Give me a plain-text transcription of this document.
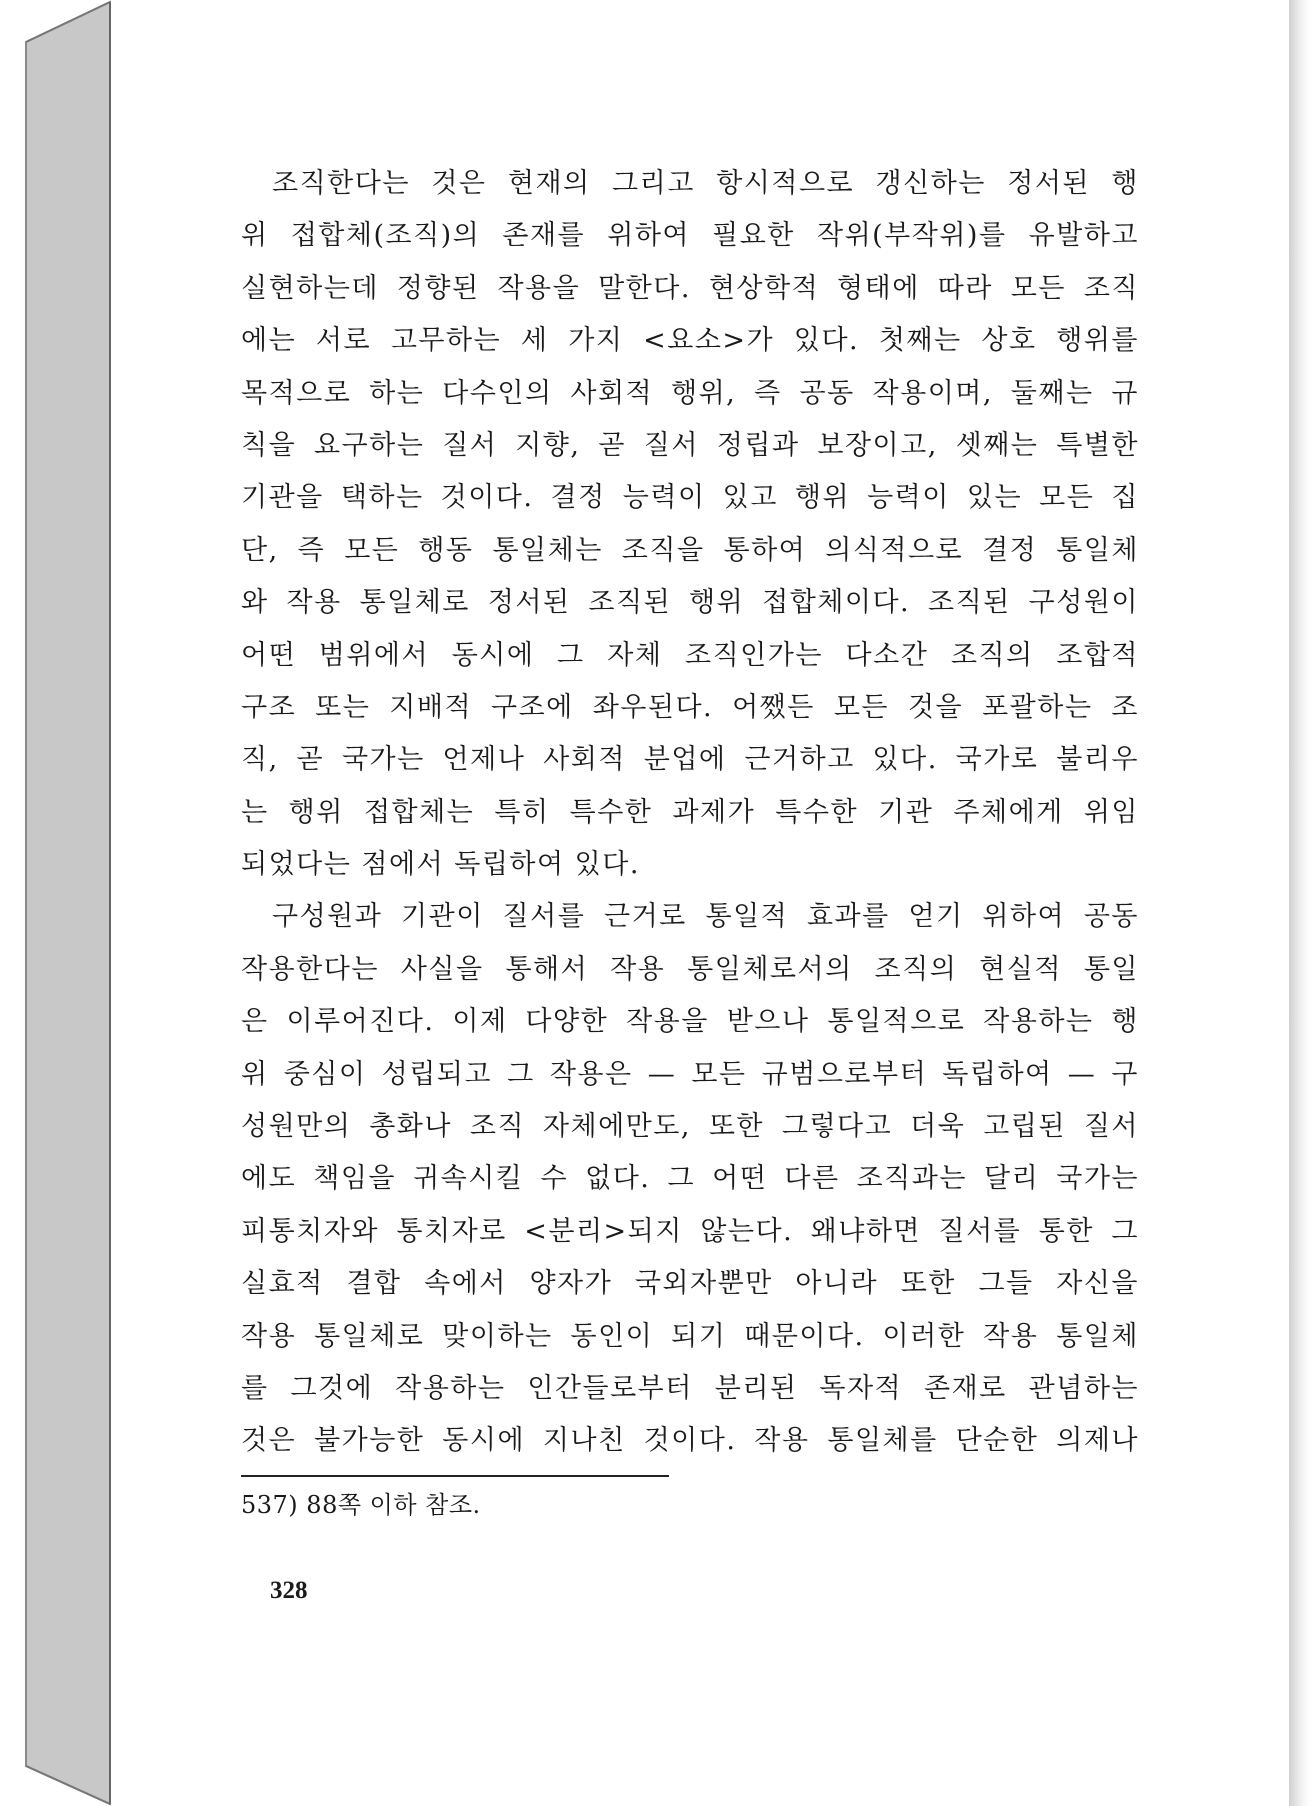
조직한다는 것은 현재의 그리고 항시적으로 갱신하는 정서된 행
위 접합체(조직)의 존재를 위하여 필요한 작위(부작위)를 유발하고
실현하는데 정향된 작용을 말한다. 현상학적 형태에 따라 모든 조직
에는 서로 고무하는 세 가지 <요소>가 있다. 첫째는 상호 행위를
목적으로 하는 다수인의 사회적 행위, 즉 공동 작용이며, 둘째는 규
칙을 요구하는 질서 지향, 곧 질서 정립과 보장이고, 셋째는 특별한
기관을 택하는 것이다. 결정 능력이 있고 행위 능력이 있는 모든 집
단, 즉 모든 행동 통일체는 조직을 통하여 의식적으로 결정 통일체
와 작용 통일체로 정서된 조직된 행위 접합체이다. 조직된 구성원이
어떤 범위에서 동시에 그 자체 조직인가는 다소간 조직의 조합적
구조 또는 지배적 구조에 좌우된다. 어쨌든 모든 것을 포괄하는 조
직, 곧 국가는 언제나 사회적 분업에 근거하고 있다. 국가로 불리우
는 행위 접합체는 특히 특수한 과제가 특수한 기관 주체에게 위임
되었다는 점에서 독립하여 있다.
구성원과 기관이 질서를 근거로 통일적 효과를 얻기 위하여 공동
작용한다는 사실을 통해서 작용 통일체로서의 조직의 현실적 통일
은 이루어진다. 이제 다양한 작용을 받으나 통일적으로 작용하는 행
위 중심이 성립되고 그 작용은 — 모든 규범으로부터 독립하여 — 구
성원만의 총화나 조직 자체에만도, 또한 그렇다고 더욱 고립된 질서
에도 책임을 귀속시킬 수 없다. 그 어떤 다른 조직과는 달리 국가는
피통치자와 통치자로 <분리>되지 않는다. 왜냐하면 질서를 통한 그
실효적 결합 속에서 양자가 국외자뿐만 아니라 또한 그들 자신을
작용 통일체로 맞이하는 동인이 되기 때문이다. 이러한 작용 통일체
를 그것에 작용하는 인간들로부터 분리된 독자적 존재로 관념하는
것은 불가능한 동시에 지나친 것이다. 작용 통일체를 단순한 의제나
537) 88쪽 이하 참조.
328
